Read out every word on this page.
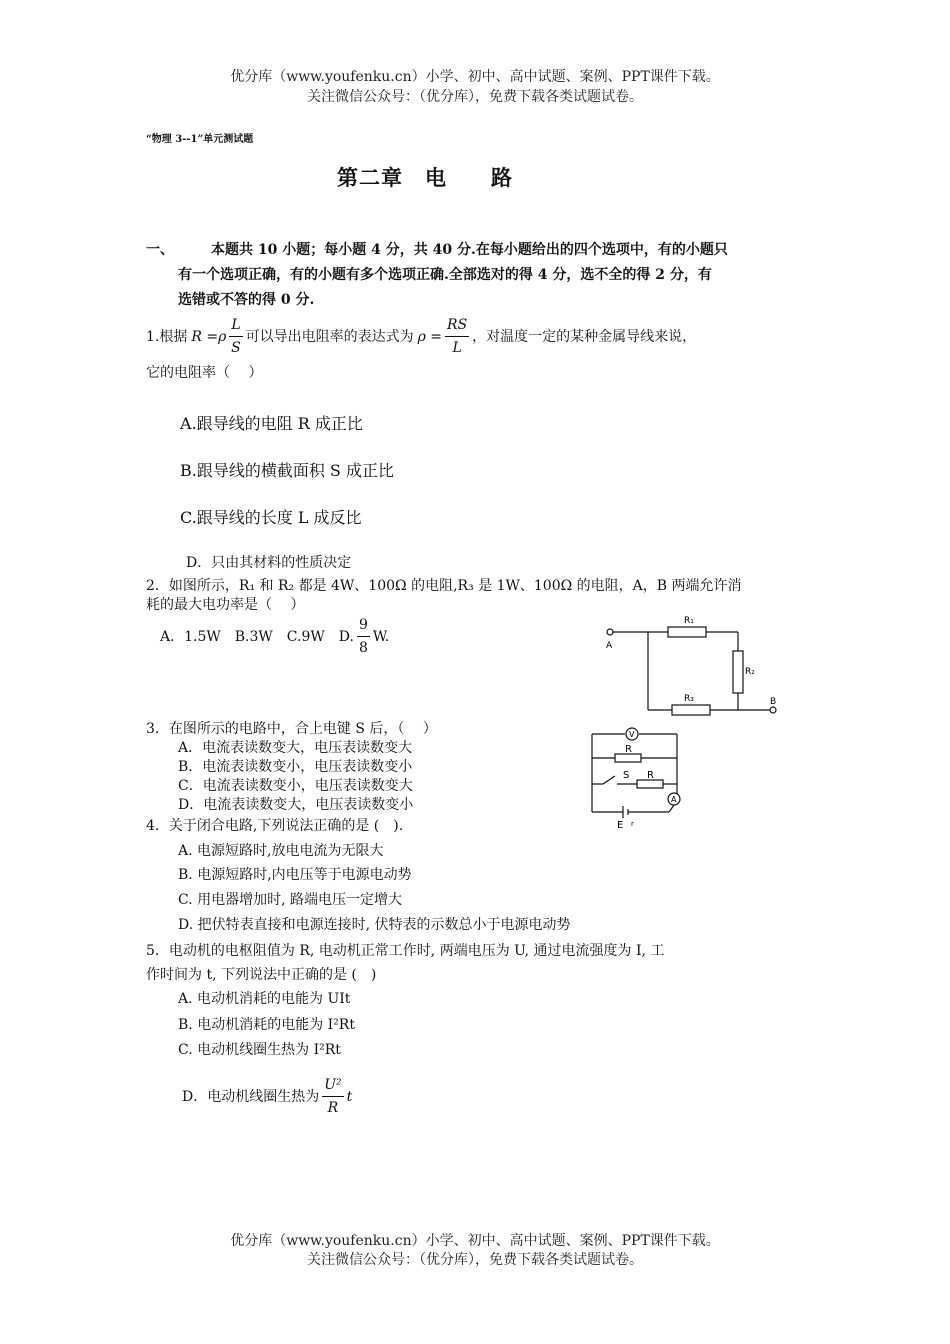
优分库（www.youfenku.cn）小学、初中、高中试题、案例、PPT课件下载。
关注微信公众号：（优分库），免费下载各类试题试卷。
“物理 3--1”单元测试题
第二章　电　　路
一、	本题共 10 小题；每小题 4 分，共 40 分.在每小题给出的四个选项中，有的小题只
有一个选项正确，有的小题有多个选项正确.全部选对的得 4 分，选不全的得 2 分，有
选错或不答的得 0 分.
1.根据 $R =\rho \frac{L}{S}$ 可以导出电阻率的表达式为 $\rho = \frac{RS}{L}$ ，对温度一定的某种金属导线来说，
它的电阻率（　 ）
A.跟导线的电阻 R 成正比
B.跟导线的横截面积 S 成正比
C.跟导线的长度 L 成反比
D．只由其材料的性质决定
2．如图所示，R₁ 和 R₂ 都是 4W、100Ω 的电阻,R₃ 是 1W、100Ω 的电阻，A，B 两端允许消
耗的最大电功率是（　 ）
A．1.5W　B.3W　C.9W　D. $\frac{9}{8} W$.
R₁
R₂
R₃
A
B
3．在图所示的电路中，合上电键 S 后，（　 ）
A．电流表读数变大，电压表读数变大
B．电流表读数变小，电压表读数变小
C．电流表读数变小，电压表读数变大
D．电流表读数变大，电压表读数变小
V
R
S R
A
E r
4．关于闭合电路,下列说法正确的是 (　).
A. 电源短路时,放电电流为无限大
B. 电源短路时,内电压等于电源电动势
C. 用电器增加时, 路端电压一定增大
D. 把伏特表直接和电源连接时, 伏特表的示数总小于电源电动势
5．电动机的电枢阻值为 R, 电动机正常工作时, 两端电压为 U, 通过电流强度为 I, 工
作时间为 t, 下列说法中正确的是 (　)
A. 电动机消耗的电能为 UIt
B. 电动机消耗的电能为 I²Rt
C. 电动机线圈生热为 I²Rt
D．电动机线圈生热为 $\frac{\text{U²}}{R}$ t
优分库（www.youfenku.cn）小学、初中、高中试题、案例、PPT课件下载。
关注微信公众号：（优分库），免费下载各类试题试卷。
